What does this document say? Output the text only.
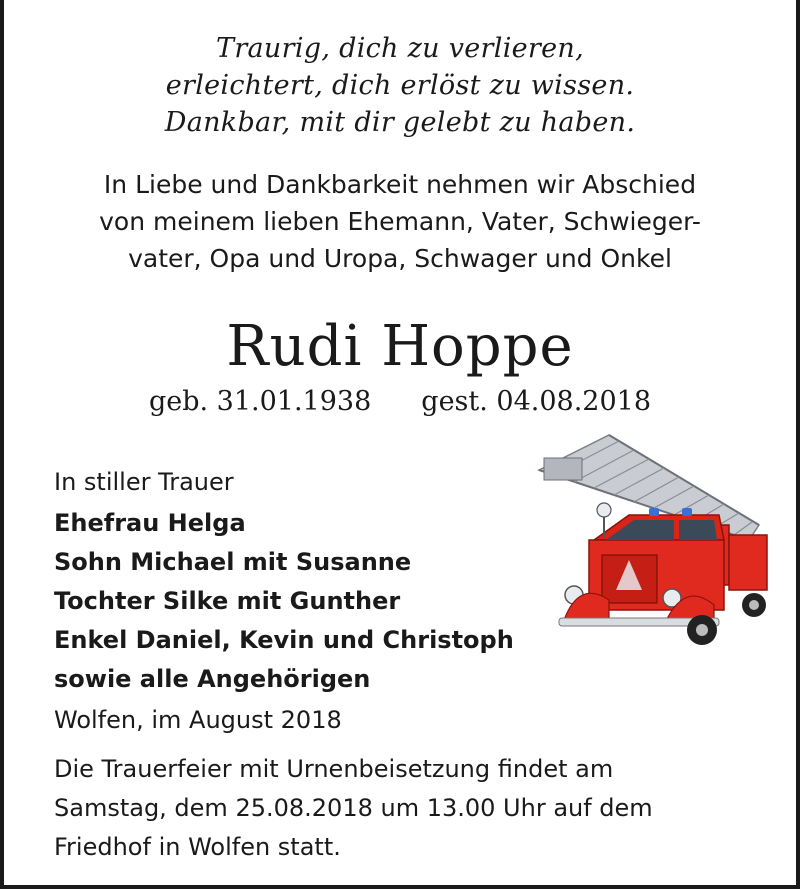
Traurig, dich zu verlieren,
erleichtert, dich erlöst zu wissen.
Dankbar, mit dir gelebt zu haben.
In Liebe und Dankbarkeit nehmen wir Abschied
von meinem lieben Ehemann, Vater, Schwieger-
vater, Opa und Uropa, Schwager und Onkel
Rudi Hoppe
geb. 31.01.1938 gest. 04.08.2018
In stiller Trauer
Ehefrau Helga
Sohn Michael mit Susanne
Tochter Silke mit Gunther
Enkel Daniel, Kevin und Christoph
sowie alle Angehörigen
Wolfen, im August 2018
Die Trauerfeier mit Urnenbeisetzung findet am
Samstag, dem 25.08.2018 um 13.00 Uhr auf dem
Friedhof in Wolfen statt.
